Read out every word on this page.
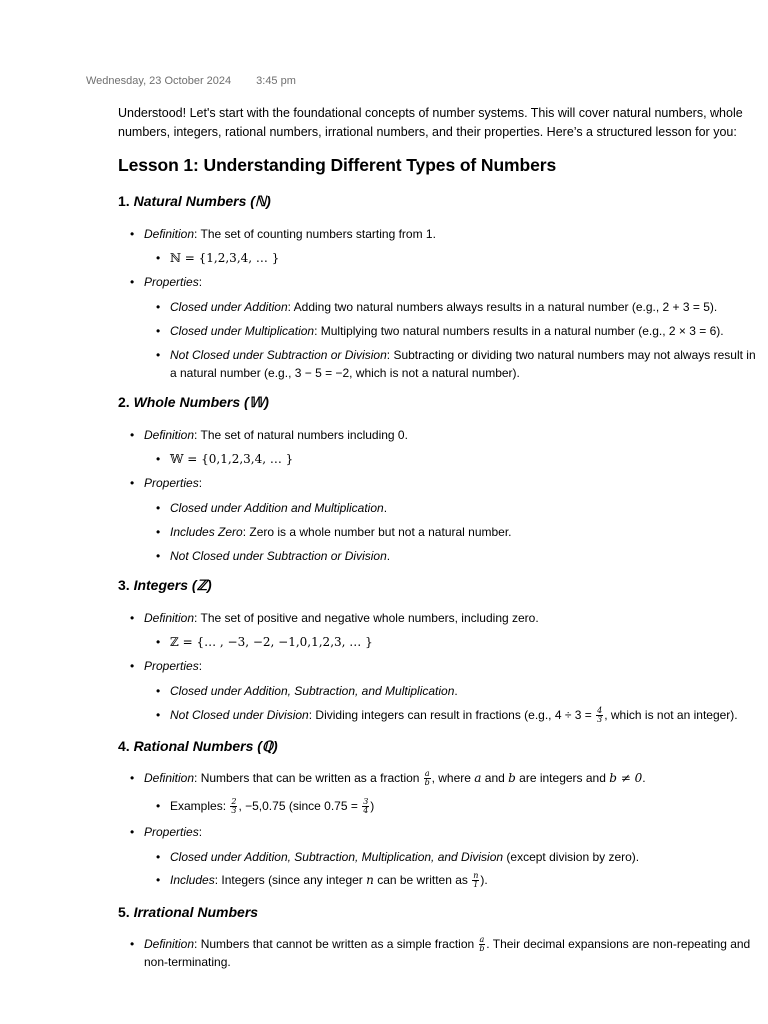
Wednesday, 23 October 2024 3:45 pm

Understood! Let's start with the foundational concepts of number systems. This will cover natural numbers, whole numbers, integers, rational numbers, irrational numbers, and their properties. Here’s a structured lesson for you:

Lesson 1: Understanding Different Types of Numbers
1. Natural Numbers (ℕ)
• Definition: The set of counting numbers starting from 1.
• ℕ = {1,2,3,4, … }
• Properties:
• Closed under Addition: Adding two natural numbers always results in a natural number (e.g., 2 + 3 = 5).
• Closed under Multiplication: Multiplying two natural numbers results in a natural number (e.g., 2 × 3 = 6).
• Not Closed under Subtraction or Division: Subtracting or dividing two natural numbers may not always result in a natural number (e.g., 3 − 5 = −2, which is not a natural number).
2. Whole Numbers (𝕎)
• Definition: The set of natural numbers including 0.
• 𝕎 = {0,1,2,3,4, … }
• Properties:
• Closed under Addition and Multiplication.
• Includes Zero: Zero is a whole number but not a natural number.
• Not Closed under Subtraction or Division.
3. Integers (ℤ)
• Definition: The set of positive and negative whole numbers, including zero.
• ℤ = {… , −3, −2, −1,0,1,2,3, … }
• Properties:
• Closed under Addition, Subtraction, and Multiplication.
• Not Closed under Division: Dividing integers can result in fractions (e.g., $4 \div 3 = \frac{4}{3}$ , which is not an integer).
4. Rational Numbers (ℚ)
• Definition: Numbers that can be written as a fraction $\frac{a}{b}$ , where a and b are integers and b ≠ 0.
• Examples: $\frac{2}{3}$ , −5,0.75 (since $0.75 = \frac{3}{4}$ )
• Properties:
• Closed under Addition, Subtraction, Multiplication, and Division (except division by zero).
• Includes: Integers (since any integer n can be written as $\frac{n}{1}$ ).
5. Irrational Numbers
• Definition: Numbers that cannot be written as a simple fraction $\frac{a}{b}$ . Their decimal expansions are non-repeating and non-terminating.
